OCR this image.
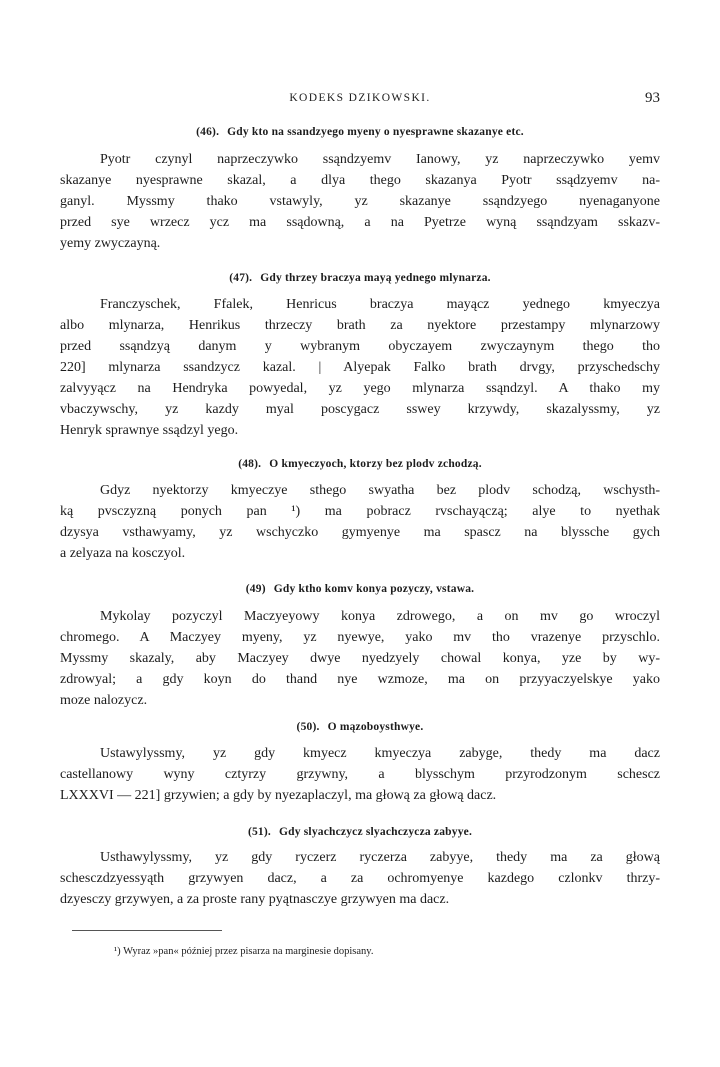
KODEKS DZIKOWSKI.	93
(46). Gdy kto na ssandzyego myeny o nyesprawne skazanye etc.
Pyotr czynyl naprzeczywko ssąndzyemv Ianowy, yz naprzeczywko yemv
skazanye nyesprawne skazal, a dlya thego skazanya Pyotr ssądzyemv na-
ganyl. Myssmy thako vstawyly, yz skazanye ssąndzyego nyenaganyone
przed sye wrzecz ycz ma ssądowną, a na Pyetrze wyną ssąndzyam sskazv-
yemy zwyczayną.
(47). Gdy thrzey braczya mayą yednego mlynarza.
Franczyschek, Ffalek, Henricus braczya mayącz yednego kmyeczya
albo mlynarza, Henrikus thrzeczy brath za nyektore przestampy mlynarzowy
przed ssąndzyą danym y wybranym obyczayem zwyczaynym thego tho
220] mlynarza ssandzycz kazal. | Alyepak Falko brath drvgy, przyschedschy
zalvyyącz na Hendryka powyedal, yz yego mlynarza ssąndzyl. A thako my
vbaczywschy, yz kazdy myal poscygacz sswey krzywdy, skazalyssmy, yz
Henryk sprawnye ssądzyl yego.
(48). O kmyeczyoch, ktorzy bez plodv zchodzą.
Gdyz nyektorzy kmyeczye sthego swyatha bez plodv schodzą, wschysth-
ką pvsczyzną ponych pan ¹) ma pobracz rvschayączą; alye to nyethak
dzysya vsthawyamy, yz wschyczko gymyenye ma spascz na blyssche gych
a zelyaza na kosczyol.
(49) Gdy ktho komv konya pozyczy, vstawa.
Mykolay pozyczyl Maczyeyowy konya zdrowego, a on mv go wroczyl
chromego. A Maczyey myeny, yz nyewye, yako mv tho vrazenye przyschlo.
Myssmy skazaly, aby Maczyey dwye nyedzyely chowal konya, yze by wy-
zdrowyal; a gdy koyn do thand nye wzmoze, ma on przyyaczyelskye yako
moze nalozycz.
(50). O mązoboysthwye.
Ustawylyssmy, yz gdy kmyecz kmyeczya zabyge, thedy ma dacz
castellanowy wyny cztyrzy grzywny, a blysschym przyrodzonym schescz
LXXXVI — 221] grzywien; a gdy by nyezaplaczyl, ma głową za głową dacz.
(51). Gdy slyachczycz slyachczycza zabyye.
Usthawylyssmy, yz gdy ryczerz ryczerza zabyye, thedy ma za głową
schesczdzyessyąth grzywyen dacz, a za ochromyenye kazdego czlonkv thrzy-
dzyesczy grzywyen, a za proste rany pyątnasczye grzywyen ma dacz.
¹) Wyraz »pan« później przez pisarza na marginesie dopisany.
